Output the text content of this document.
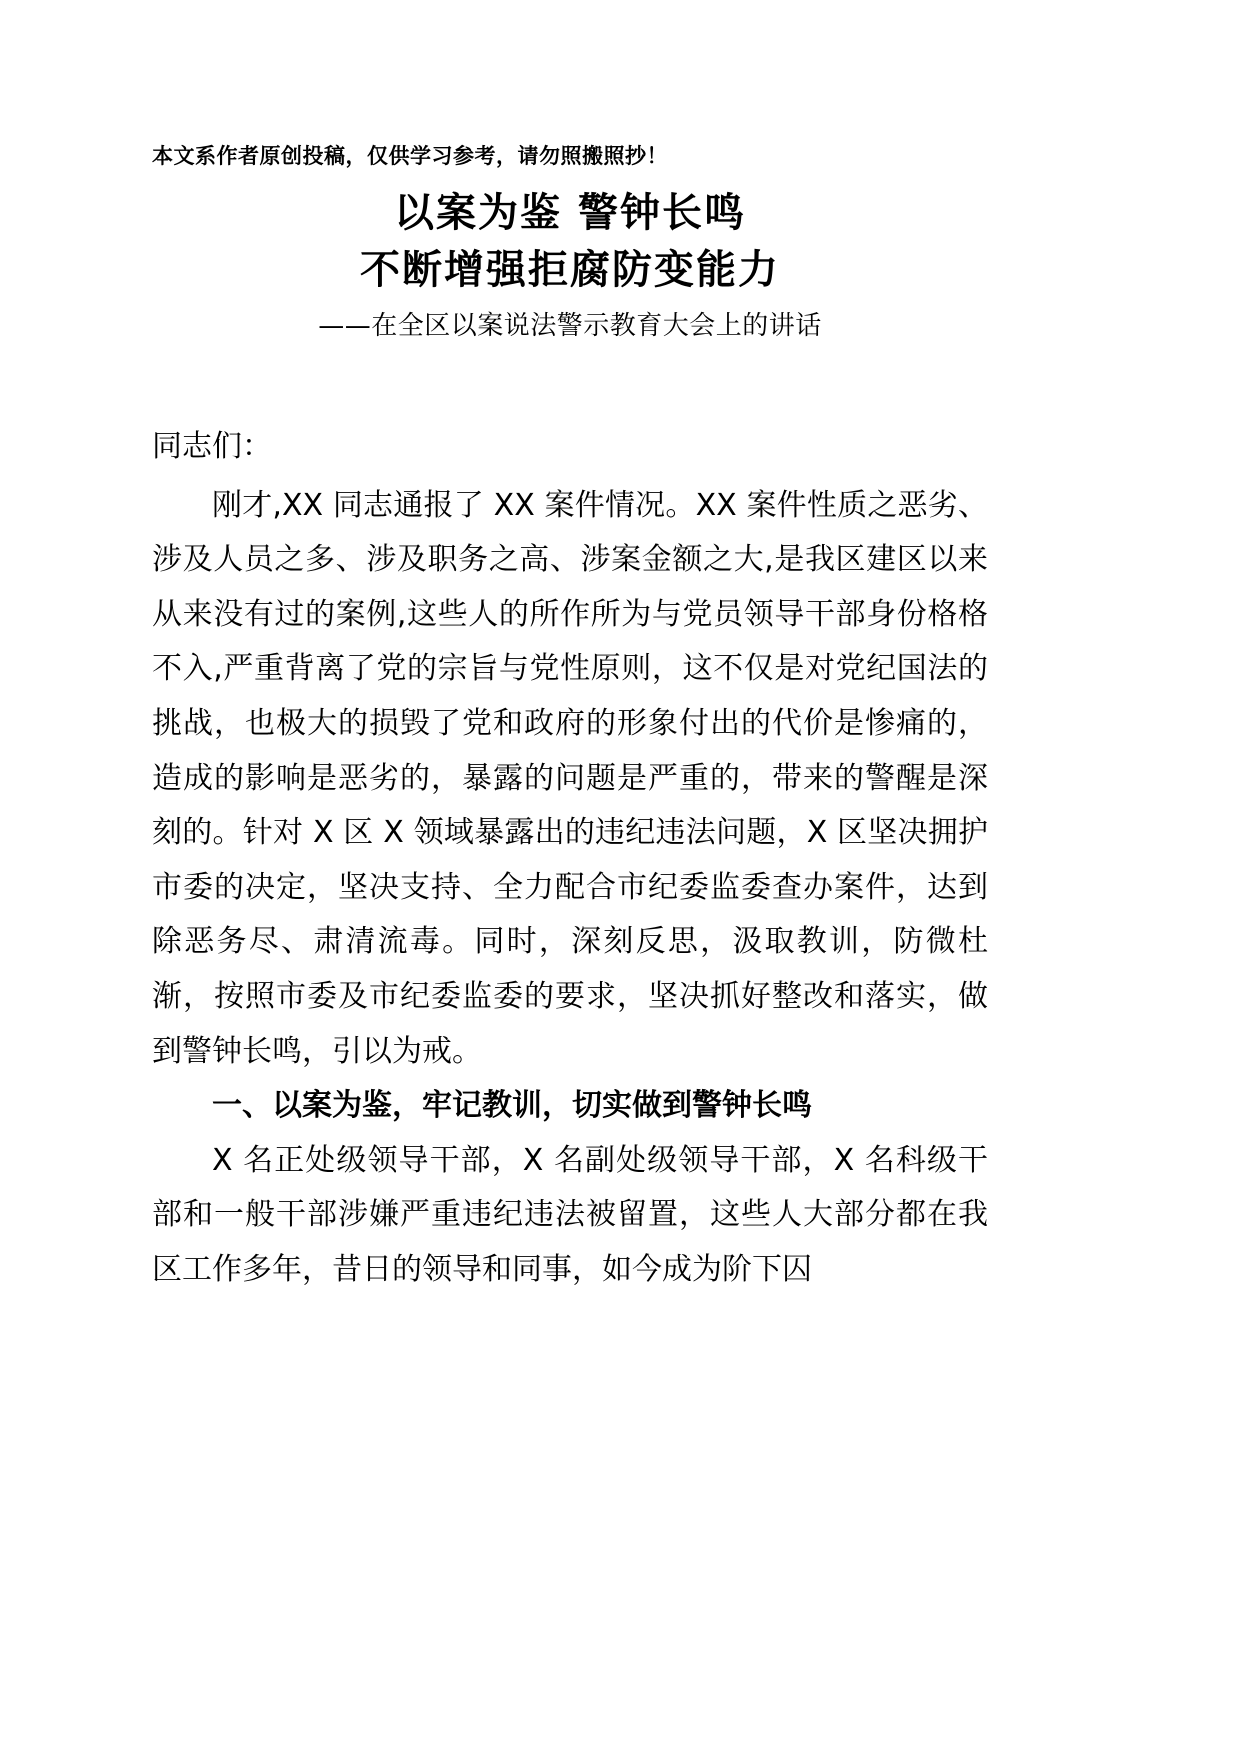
本文系作者原创投稿，仅供学习参考，请勿照搬照抄！
以案为鉴 警钟长鸣
不断增强拒腐防变能力
——在全区以案说法警示教育大会上的讲话

同志们：

刚才,XX 同志通报了 XX 案件情况。XX 案件性质之恶劣、涉及人员之多、涉及职务之高、涉案金额之大,是我区建区以来从来没有过的案例,这些人的所作所为与党员领导干部身份格格不入,严重背离了党的宗旨与党性原则，这不仅是对党纪国法的挑战，也极大的损毁了党和政府的形象付出的代价是惨痛的，造成的影响是恶劣的，暴露的问题是严重的，带来的警醒是深刻的。针对 X 区 X 领域暴露出的违纪违法问题，X 区坚决拥护市委的决定，坚决支持、全力配合市纪委监委查办案件，达到除恶务尽、肃清流毒。同时，深刻反思，汲取教训，防微杜渐，按照市委及市纪委监委的要求，坚决抓好整改和落实，做到警钟长鸣，引以为戒。

一、以案为鉴，牢记教训，切实做到警钟长鸣

X 名正处级领导干部，X 名副处级领导干部，X 名科级干部和一般干部涉嫌严重违纪违法被留置，这些人大部分都在我区工作多年，昔日的领导和同事，如今成为阶下囚
